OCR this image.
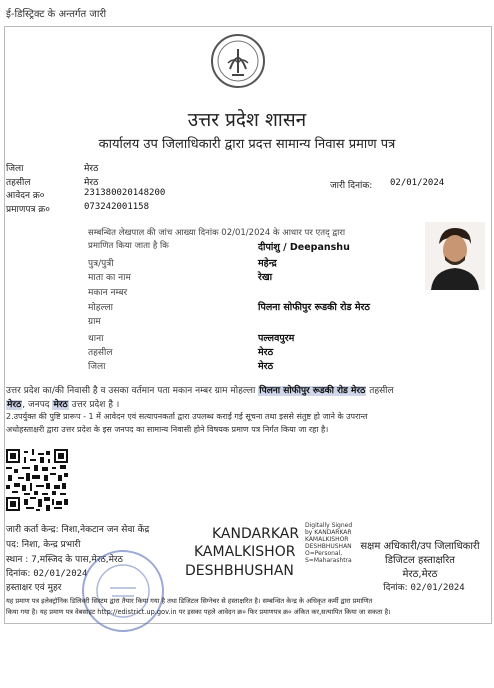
ई-डिस्ट्रिक्ट के अन्तर्गत जारी
उत्तर प्रदेश शासन
कार्यालय उप जिलाधिकारी द्वारा प्रदत्त सामान्य निवास प्रमाण पत्र
जिला	मेरठ
तहसील	मेरठ
आवेदन क्र०	231380020148200
प्रमाणपत्र क्र०	073242001158
जारी दिनांक: 02/01/2024
सम्बन्धित लेखपाल की जांच आख्या दिनांक 02/01/2024 के आधार पर एतद् द्वारा
प्रमाणित किया जाता है कि	दीपांशु / Deepanshu
पुत्र/पुत्री	महेन्द्र
माता का नाम	रेखा
मकान नम्बर
मोहल्ला	पिलना सोफीपुर रूडकी रोड मेरठ
ग्राम
थाना	पल्लवपुरम
तहसील	मेरठ
जिला	मेरठ
उत्तर प्रदेश का/की निवासी है व उसका वर्तमान पता मकान नम्बर ग्राम मोहल्ला पिलना सोफीपुर रूडकी रोड मेरठ तहसील
मेरठ, जनपद मेरठ उत्तर प्रदेश है ।
2.उपर्युक्त की पुष्टि प्रारूप - 1 में आवेदन एवं सत्यापनकर्ता द्वारा उपलब्ध कराई गई सूचना तथा इससे संतुष्ट हो जाने के उपरान्त
अधोहस्ताक्षरी द्वारा उत्तर प्रदेश के इस जनपद का सामान्य निवासी होने विषयक प्रमाण पत्र निर्गत किया जा रहा है।
जारी कर्ता केन्द्र: निशा,नेकटान जन सेवा केंद्र
पद: निशा, केन्द्र प्रभारी
स्थान : 7,मस्जिद के पास,मेरठ,मेरठ
दिनांक: 02/01/2024
हस्ताक्षर एवं मुहर
KANDARKAR
KAMALKISHOR
DESHBHUSHAN
Digitally Signed
by KANDARKAR
KAMALKISHOR
DESHBHUSHAN
O=Personal,
S=Maharashtra
सक्षम अधिकारी/उप जिलाधिकारी
डिजिटल हस्ताक्षरित
मेरठ,मेरठ
दिनांक: 02/01/2024
यह प्रमाण पत्र इलेक्ट्रॉनिक डिलिवरी सिस्टम द्वारा तैयार किया गया है तथा डिजिटल सिग्नेचर से हस्ताक्षरित है। सम्बन्धित केन्द्र के अधिकृत कर्मी द्वारा प्रमाणित
किया गया है। यह प्रमाण पत्र वेबसाइट http://edistrict.up.gov.in पर इसका पहले आवेदन क्र० फिर प्रमाणपत्र क्र० अंकित कर,सत्यापित किया जा सकता है।
